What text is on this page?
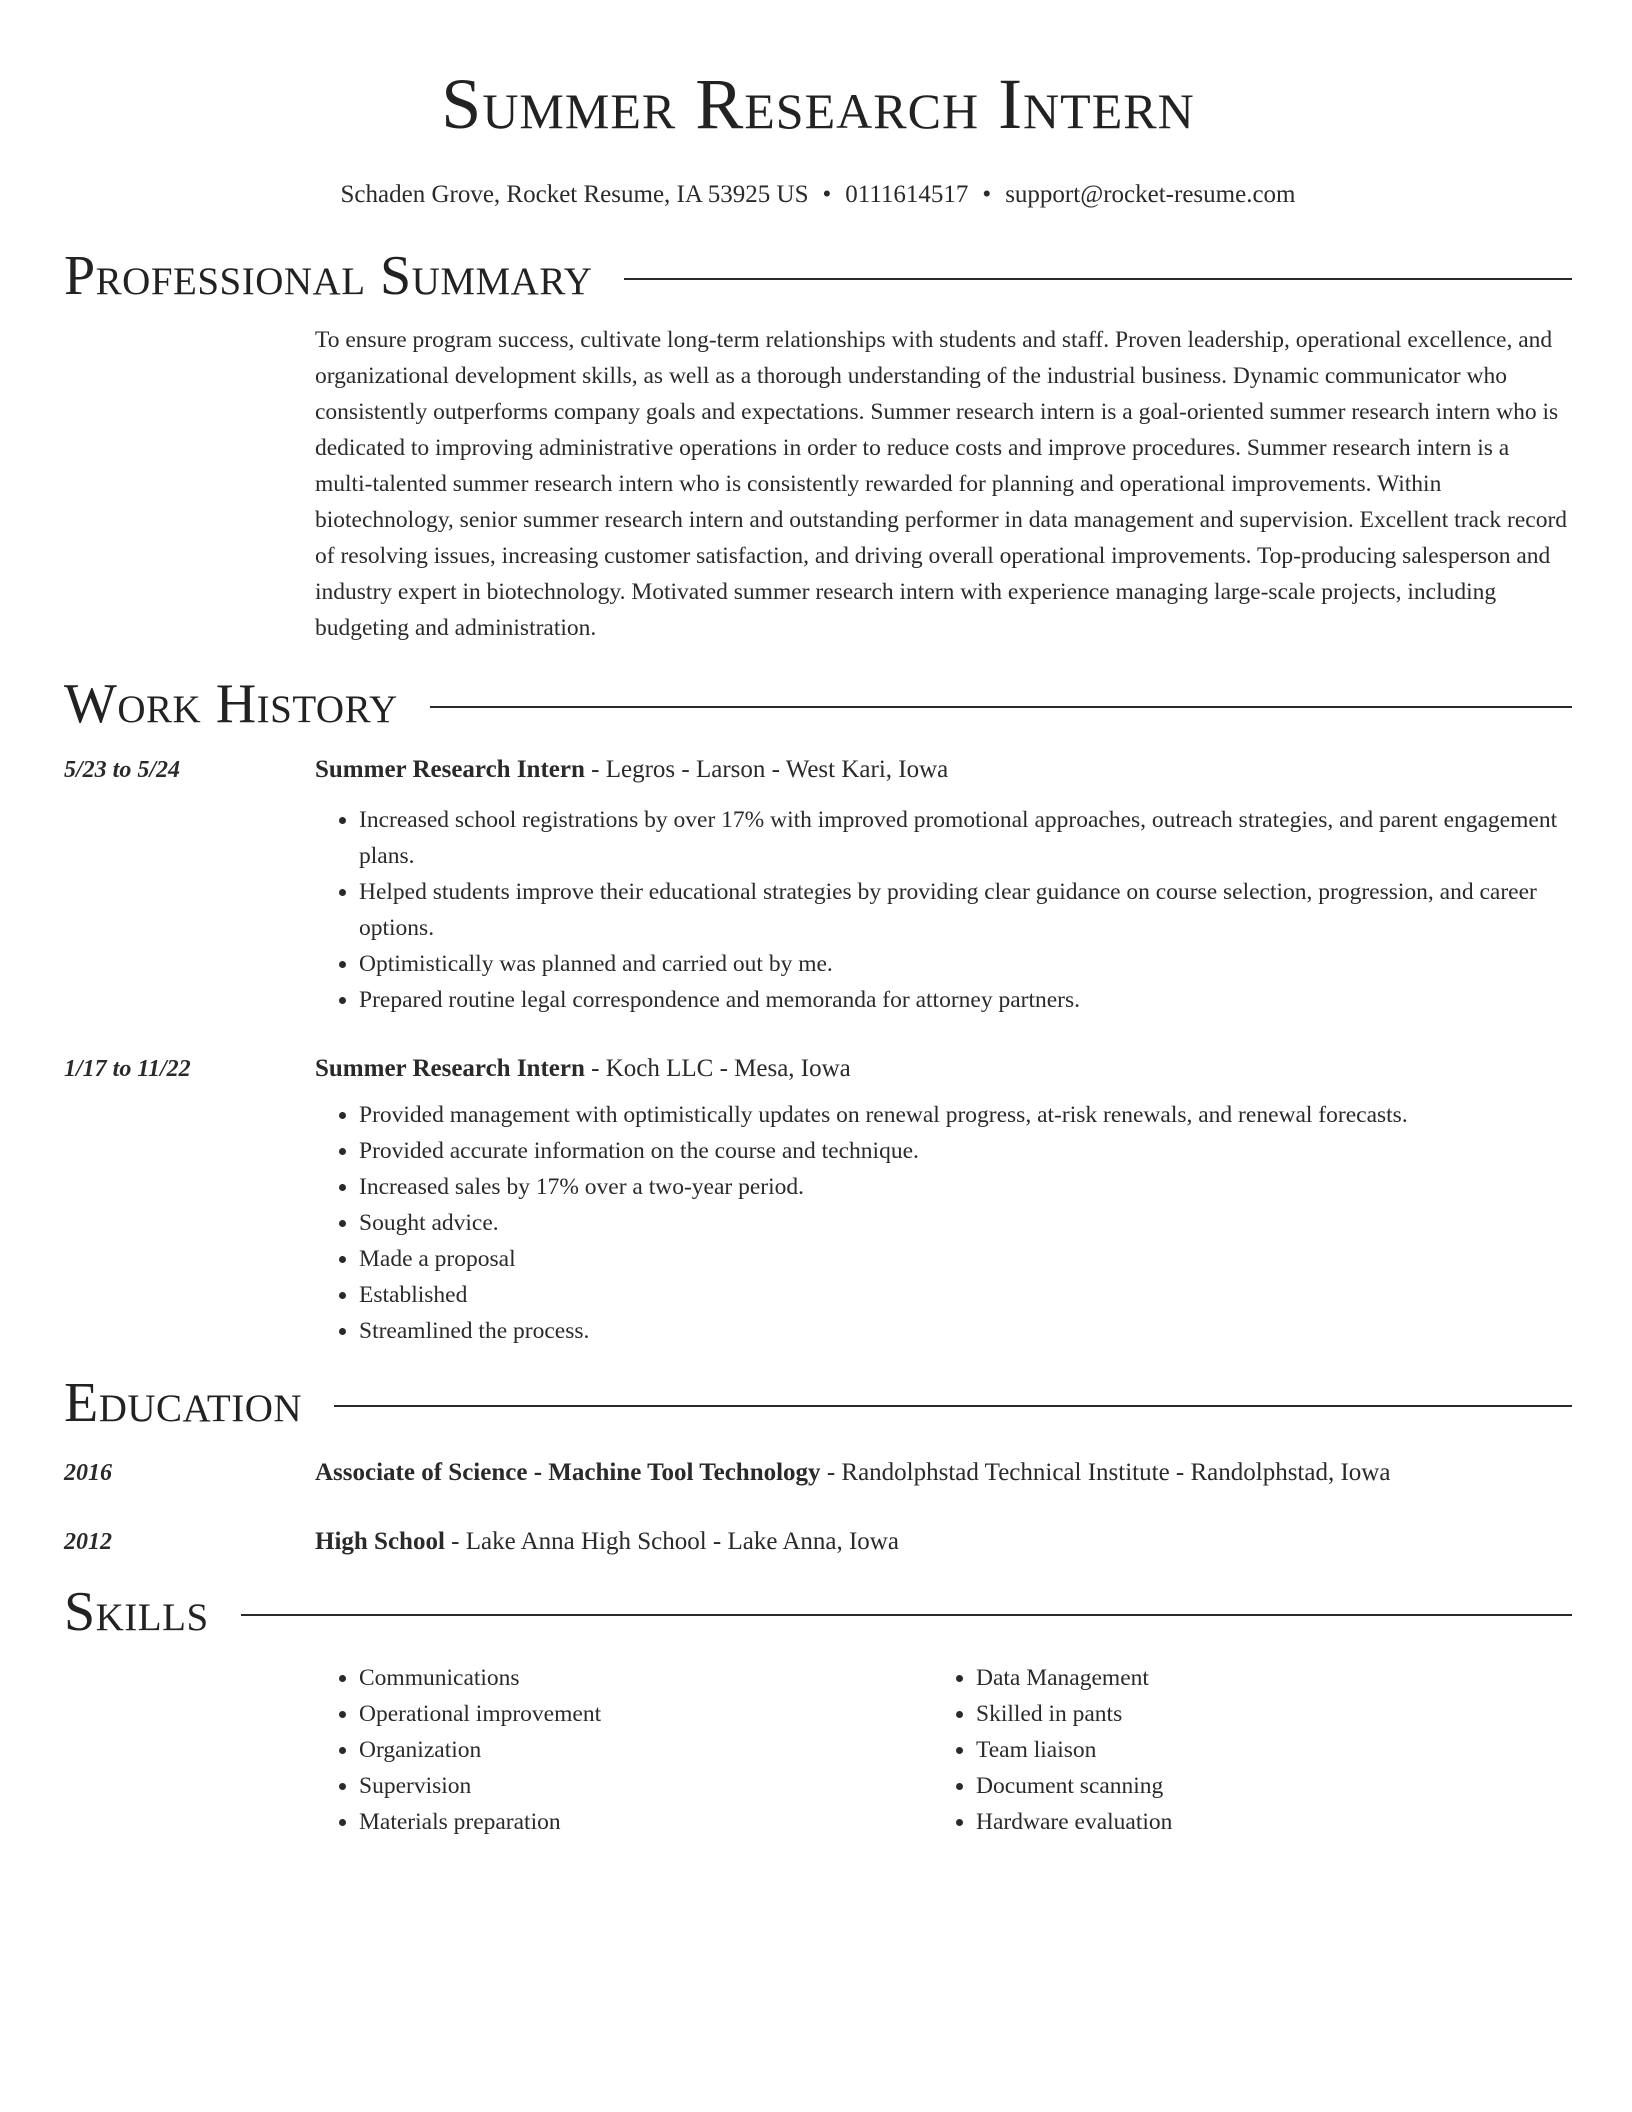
Summer Research Intern
Schaden Grove, Rocket Resume, IA 53925 US • 0111614517 • support@rocket-resume.com
Professional Summary
To ensure program success, cultivate long-term relationships with students and staff. Proven leadership, operational excellence, and organizational development skills, as well as a thorough understanding of the industrial business. Dynamic communicator who consistently outperforms company goals and expectations. Summer research intern is a goal-oriented summer research intern who is dedicated to improving administrative operations in order to reduce costs and improve procedures. Summer research intern is a multi-talented summer research intern who is consistently rewarded for planning and operational improvements. Within biotechnology, senior summer research intern and outstanding performer in data management and supervision. Excellent track record of resolving issues, increasing customer satisfaction, and driving overall operational improvements. Top-producing salesperson and industry expert in biotechnology. Motivated summer research intern with experience managing large-scale projects, including budgeting and administration.
Work History
5/23 to 5/24	Summer Research Intern - Legros - Larson - West Kari, Iowa
• Increased school registrations by over 17% with improved promotional approaches, outreach strategies, and parent engagement plans.
• Helped students improve their educational strategies by providing clear guidance on course selection, progression, and career options.
• Optimistically was planned and carried out by me.
• Prepared routine legal correspondence and memoranda for attorney partners.
1/17 to 11/22	Summer Research Intern - Koch LLC - Mesa, Iowa
• Provided management with optimistically updates on renewal progress, at-risk renewals, and renewal forecasts.
• Provided accurate information on the course and technique.
• Increased sales by 17% over a two-year period.
• Sought advice.
• Made a proposal
• Established
• Streamlined the process.
Education
2016	Associate of Science - Machine Tool Technology - Randolphstad Technical Institute - Randolphstad, Iowa
2012	High School - Lake Anna High School - Lake Anna, Iowa
Skills
• Communications
• Operational improvement
• Organization
• Supervision
• Materials preparation
• Data Management
• Skilled in pants
• Team liaison
• Document scanning
• Hardware evaluation
